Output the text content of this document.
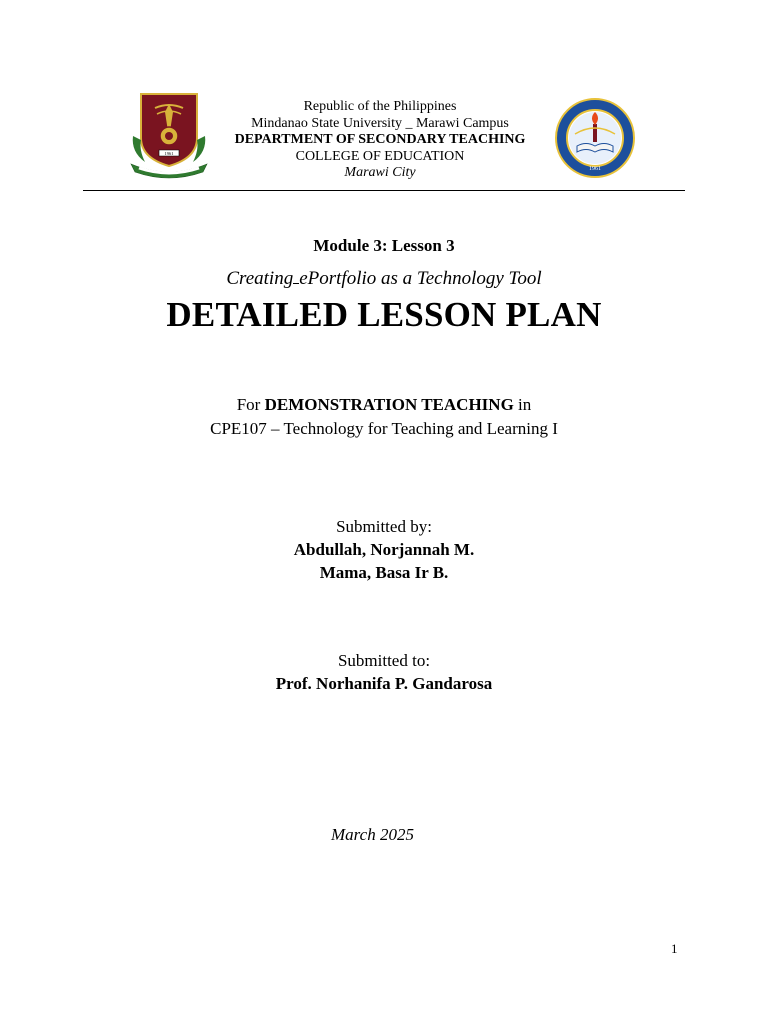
1961
Republic of the Philippines
Mindanao State University _ Marawi Campus
DEPARTMENT OF SECONDARY TEACHING
COLLEGE OF EDUCATION
Marawi City	1961
Module 3: Lesson 3
Creating ePortfolio as a Technology Tool
DETAILED LESSON PLAN
For DEMONSTRATION TEACHING in
CPE107 – Technology for Teaching and Learning I
Submitted by:
Abdullah, Norjannah M.
Mama, Basa Ir B.
Submitted to:
Prof. Norhanifa P. Gandarosa
March 2025
1
